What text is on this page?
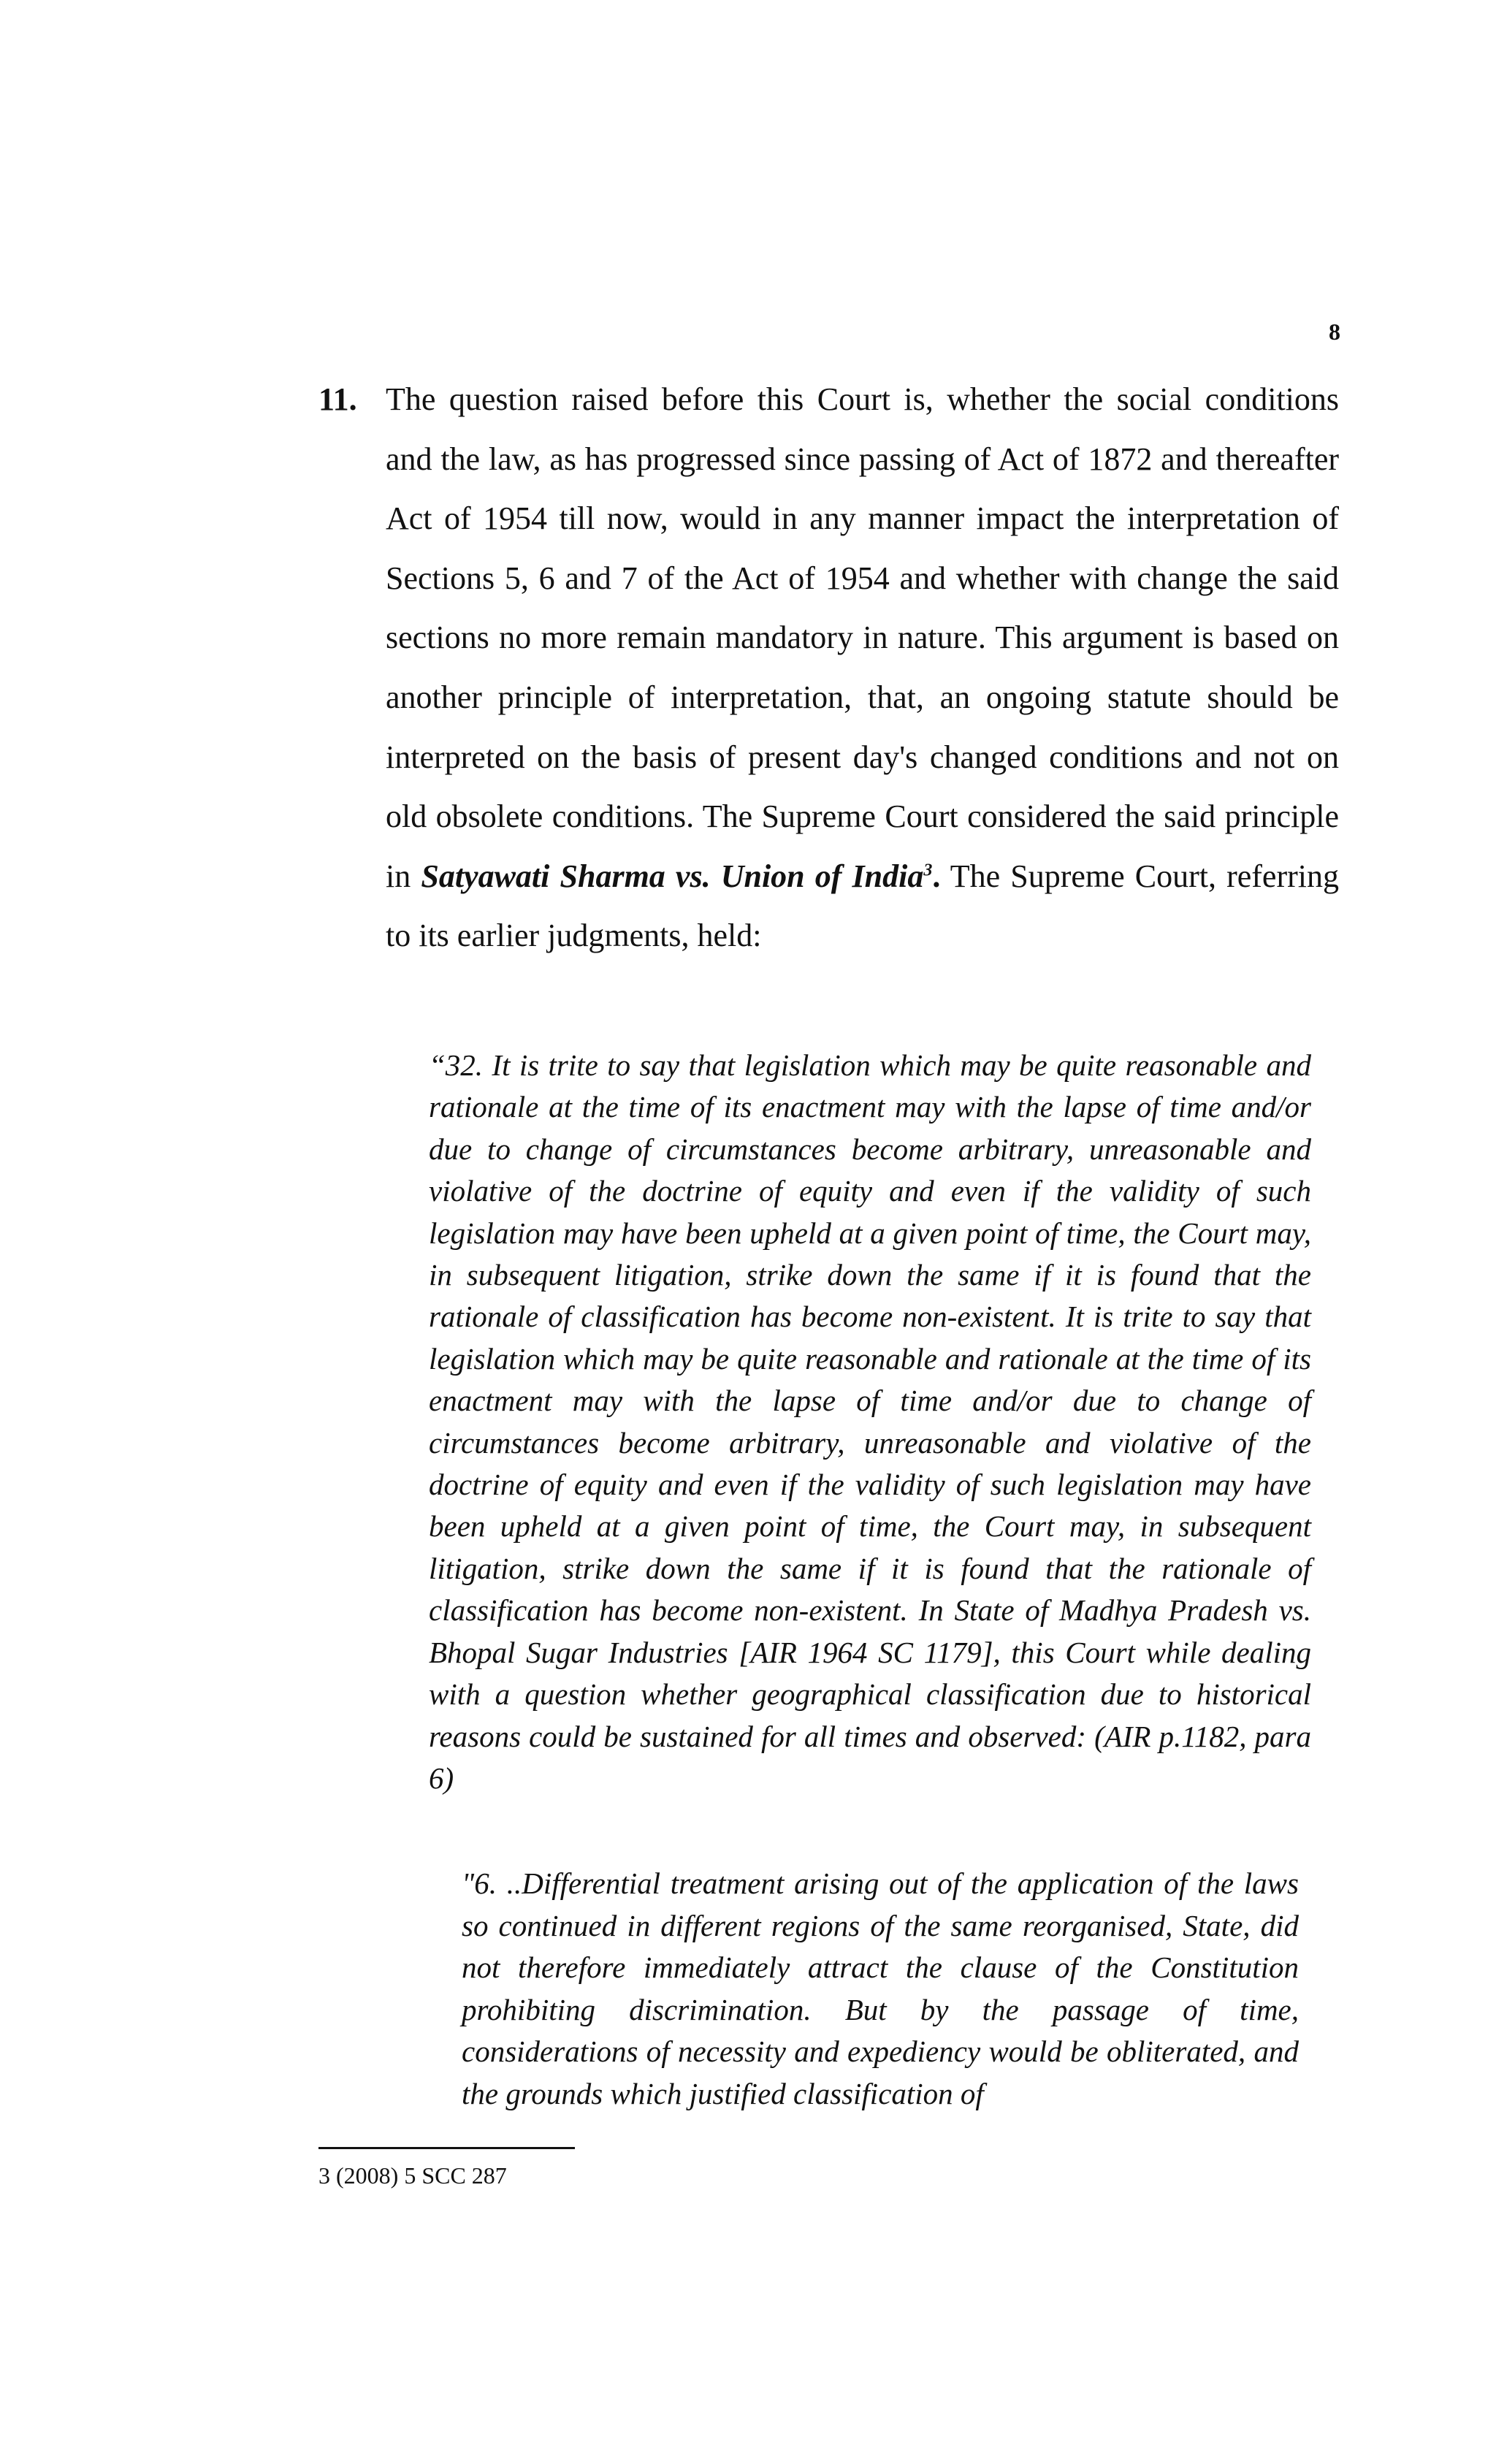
8
11. The question raised before this Court is, whether the social conditions and the law, as has progressed since passing of Act of 1872 and thereafter Act of 1954 till now, would in any manner impact the interpretation of Sections 5, 6 and 7 of the Act of 1954 and whether with change the said sections no more remain mandatory in nature. This argument is based on another principle of interpretation, that, an ongoing statute should be interpreted on the basis of present day's changed conditions and not on old obsolete conditions. The Supreme Court considered the said principle in Satyawati Sharma vs. Union of India$^3$. The Supreme Court, referring to its earlier judgments, held:
“32. It is trite to say that legislation which may be quite reasonable and rationale at the time of its enactment may with the lapse of time and/or due to change of circumstances become arbitrary, unreasonable and violative of the doctrine of equity and even if the validity of such legislation may have been upheld at a given point of time, the Court may, in subsequent litigation, strike down the same if it is found that the rationale of classification has become non-existent. It is trite to say that legislation which may be quite reasonable and rationale at the time of its enactment may with the lapse of time and/or due to change of circumstances become arbitrary, unreasonable and violative of the doctrine of equity and even if the validity of such legislation may have been upheld at a given point of time, the Court may, in subsequent litigation, strike down the same if it is found that the rationale of classification has become non-existent. In State of Madhya Pradesh vs. Bhopal Sugar Industries [AIR 1964 SC 1179], this Court while dealing with a question whether geographical classification due to historical reasons could be sustained for all times and observed: (AIR p.1182, para 6)
"6. ..Differential treatment arising out of the application of the laws so continued in different regions of the same reorganised, State, did not therefore immediately attract the clause of the Constitution prohibiting discrimination. But by the passage of time, considerations of necessity and expediency would be obliterated, and the grounds which justified classification of
3 (2008) 5 SCC 287
